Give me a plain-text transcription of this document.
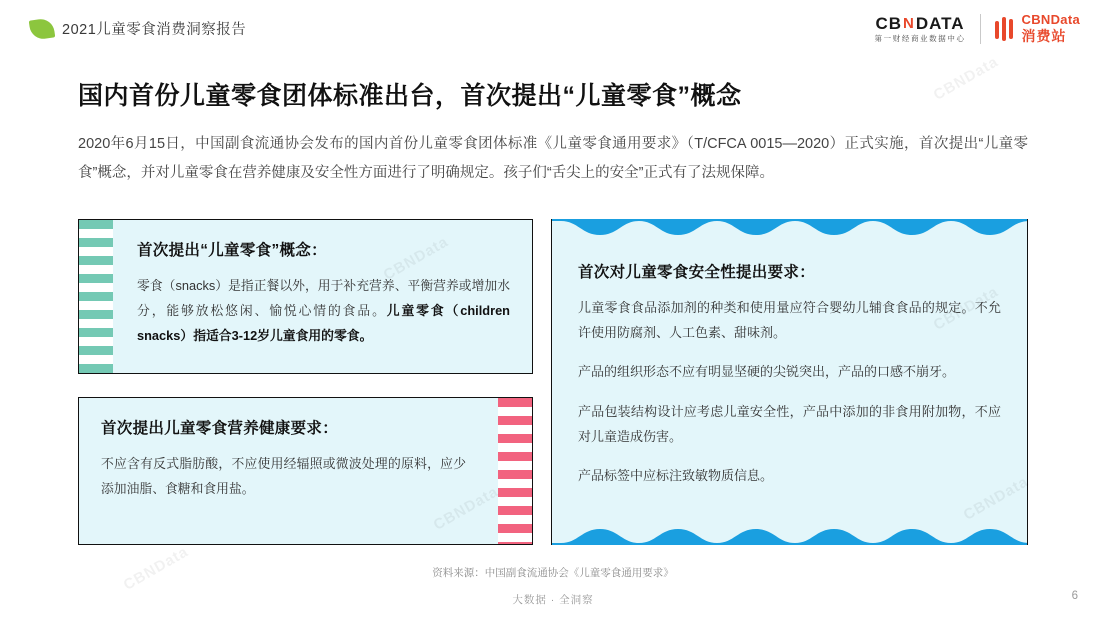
2021儿童零食消费洞察报告	CB N DATA
第一财经商业数据中心
CBNData
消费站
国内首份儿童零食团体标准出台，首次提出“儿童零食”概念
2020年6月15日，中国副食流通协会发布的国内首份儿童零食团体标准《儿童零食通用要求》（T/CFCA 0015—2020）正式实施，首次提出“儿童零食”概念，并对儿童零食在营养健康及安全性方面进行了明确规定。孩子们“舌尖上的安全”正式有了法规保障。
首次提出“儿童零食”概念：
零食（snacks）是指正餐以外，用于补充营养、平衡营养或增加水分，能够放松悠闲、愉悦心情的食品。儿童零食（children snacks）指适合3-12岁儿童食用的零食。
首次提出儿童零食营养健康要求：
不应含有反式脂肪酸，不应使用经辐照或微波处理的原料，应少添加油脂、食糖和食用盐。
首次对儿童零食安全性提出要求：

儿童零食食品添加剂的种类和使用量应符合婴幼儿辅食食品的规定。不允许使用防腐剂、人工色素、甜味剂。

产品的组织形态不应有明显坚硬的尖锐突出，产品的口感不崩牙。

产品包装结构设计应考虑儿童安全性，产品中添加的非食用附加物，不应对儿童造成伤害。

产品标签中应标注致敏物质信息。

资料来源：中国副食流通协会《儿童零食通用要求》
大数据 · 全洞察	6
CBNData
CBNData
